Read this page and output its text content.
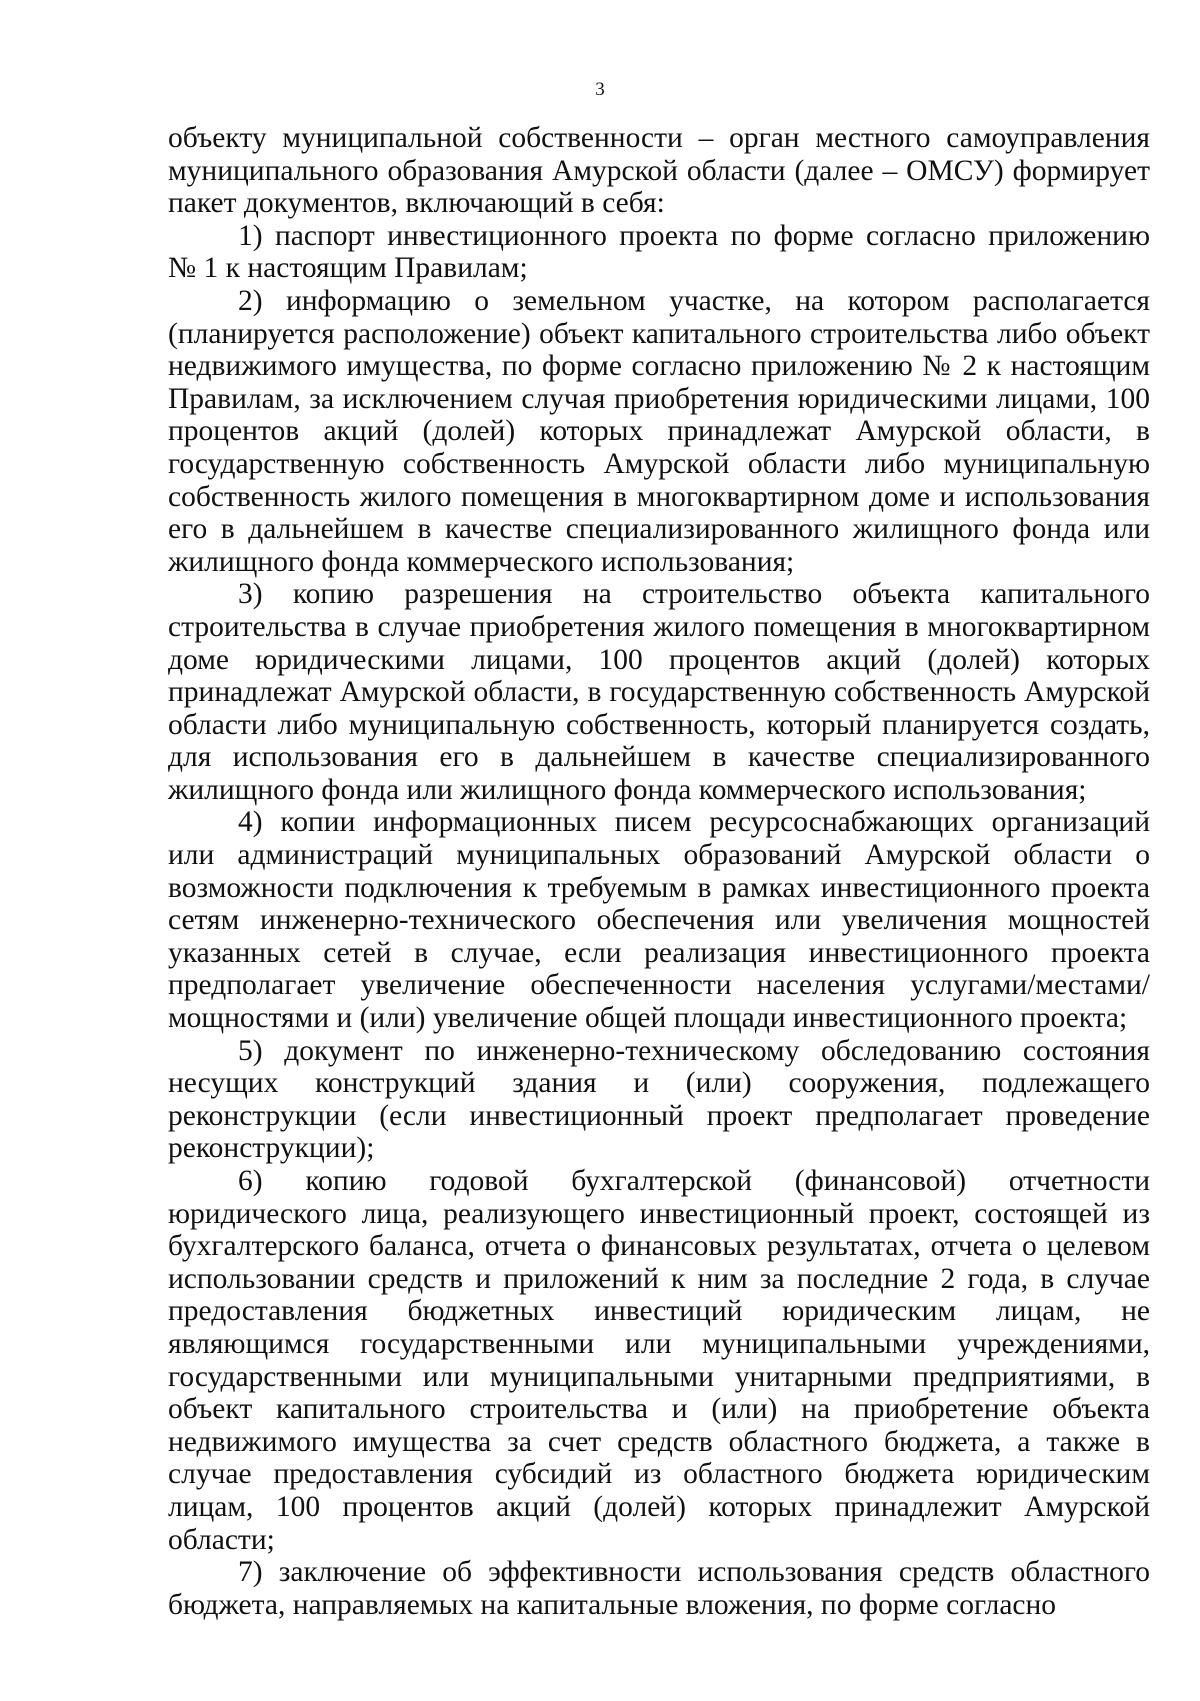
3

объекту муниципальной собственности – орган местного самоуправления муниципального образования Амурской области (далее – ОМСУ) формирует пакет документов, включающий в себя:

1) паспорт инвестиционного проекта по форме согласно приложению № 1 к настоящим Правилам;

2) информацию о земельном участке, на котором располагается (планируется расположение) объект капитального строительства либо объект недвижимого имущества, по форме согласно приложению № 2 к настоящим Правилам, за исключением случая приобретения юридическими лицами, 100 процентов акций (долей) которых принадлежат Амурской области, в государственную собственность Амурской области либо муниципальную собственность жилого помещения в многоквартирном доме и использования его в дальнейшем в качестве специализированного жилищного фонда или жилищного фонда коммерческого использования;

3) копию разрешения на строительство объекта капитального строительства в случае приобретения жилого помещения в многоквартирном доме юридическими лицами, 100 процентов акций (долей) которых принадлежат Амурской области, в государственную собственность Амурской области либо муниципальную собственность, который планируется создать, для использования его в дальнейшем в качестве специализированного жилищного фонда или жилищного фонда коммерческого использования;

4) копии информационных писем ресурсоснабжающих организаций или администраций муниципальных образований Амурской области о возможности подключения к требуемым в рамках инвестиционного проекта сетям инженерно-технического обеспечения или увеличения мощностей указанных сетей в случае, если реализация инвестиционного проекта предполагает увеличение обеспеченности населения услугами/местами/мощностями и (или) увеличение общей площади инвестиционного проекта;

5) документ по инженерно-техническому обследованию состояния несущих конструкций здания и (или) сооружения, подлежащего реконструкции (если инвестиционный проект предполагает проведение реконструкции);

6) копию годовой бухгалтерской (финансовой) отчетности юридического лица, реализующего инвестиционный проект, состоящей из бухгалтерского баланса, отчета о финансовых результатах, отчета о целевом использовании средств и приложений к ним за последние 2 года, в случае предоставления бюджетных инвестиций юридическим лицам, не являющимся государственными или муниципальными учреждениями, государственными или муниципальными унитарными предприятиями, в объект капитального строительства и (или) на приобретение объекта недвижимого имущества за счет средств областного бюджета, а также в случае предоставления субсидий из областного бюджета юридическим лицам, 100 процентов акций (долей) которых принадлежит Амурской области;

7) заключение об эффективности использования средств областного бюджета, направляемых на капитальные вложения, по форме согласно
